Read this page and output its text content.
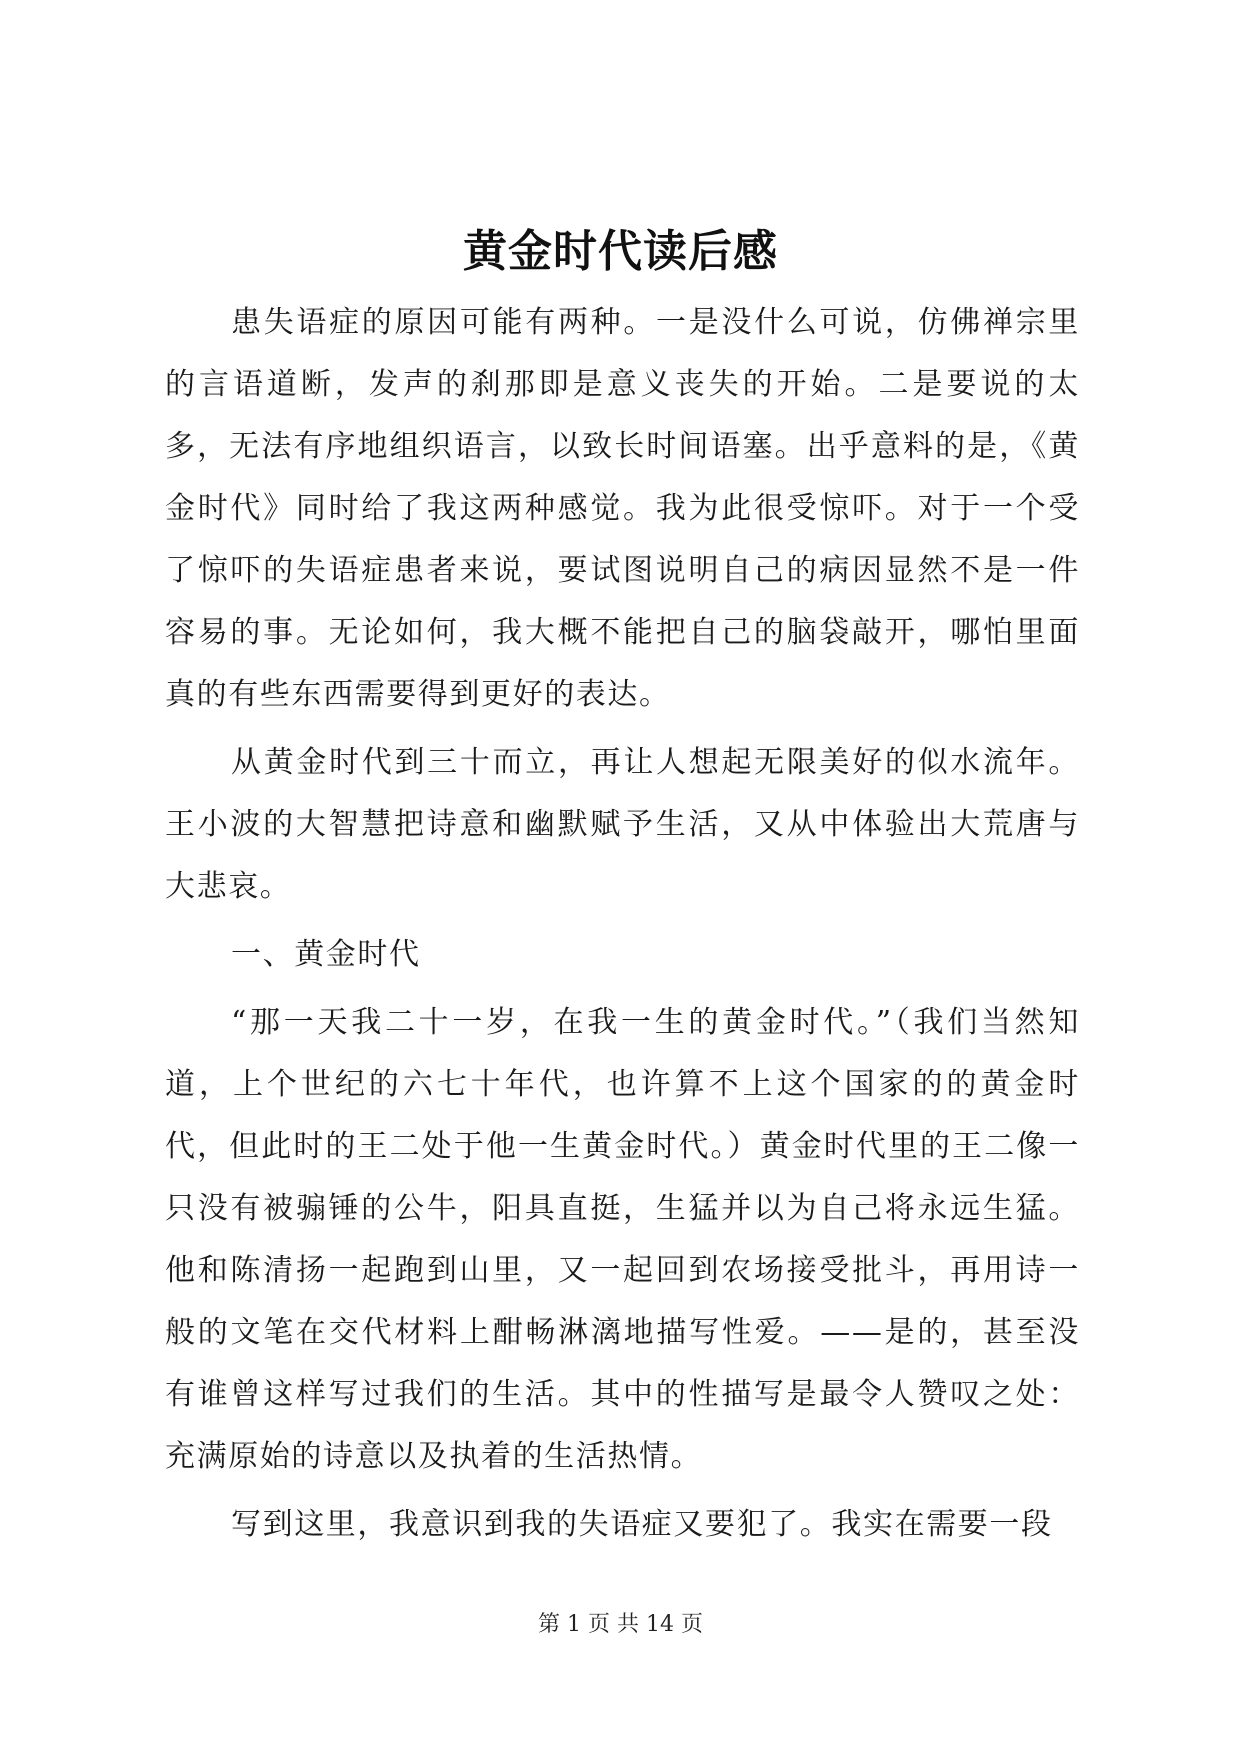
黄金时代读后感

患失语症的原因可能有两种。一是没什么可说，仿佛禅宗里的言语道断，发声的刹那即是意义丧失的开始。二是要说的太多，无法有序地组织语言，以致长时间语塞。出乎意料的是，《黄金时代》同时给了我这两种感觉。我为此很受惊吓。对于一个受了惊吓的失语症患者来说，要试图说明自己的病因显然不是一件容易的事。无论如何，我大概不能把自己的脑袋敲开，哪怕里面真的有些东西需要得到更好的表达。

从黄金时代到三十而立，再让人想起无限美好的似水流年。王小波的大智慧把诗意和幽默赋予生活，又从中体验出大荒唐与大悲哀。

一、黄金时代

“那一天我二十一岁，在我一生的黄金时代。”（我们当然知道，上个世纪的六七十年代，也许算不上这个国家的的黄金时代，但此时的王二处于他一生黄金时代。）黄金时代里的王二像一只没有被骟锤的公牛，阳具直挺，生猛并以为自己将永远生猛。他和陈清扬一起跑到山里，又一起回到农场接受批斗，再用诗一般的文笔在交代材料上酣畅淋漓地描写性爱。——是的，甚至没有谁曾这样写过我们的生活。其中的性描写是最令人赞叹之处：充满原始的诗意以及执着的生活热情。

写到这里，我意识到我的失语症又要犯了。我实在需要一段

第 1 页 共 14 页
